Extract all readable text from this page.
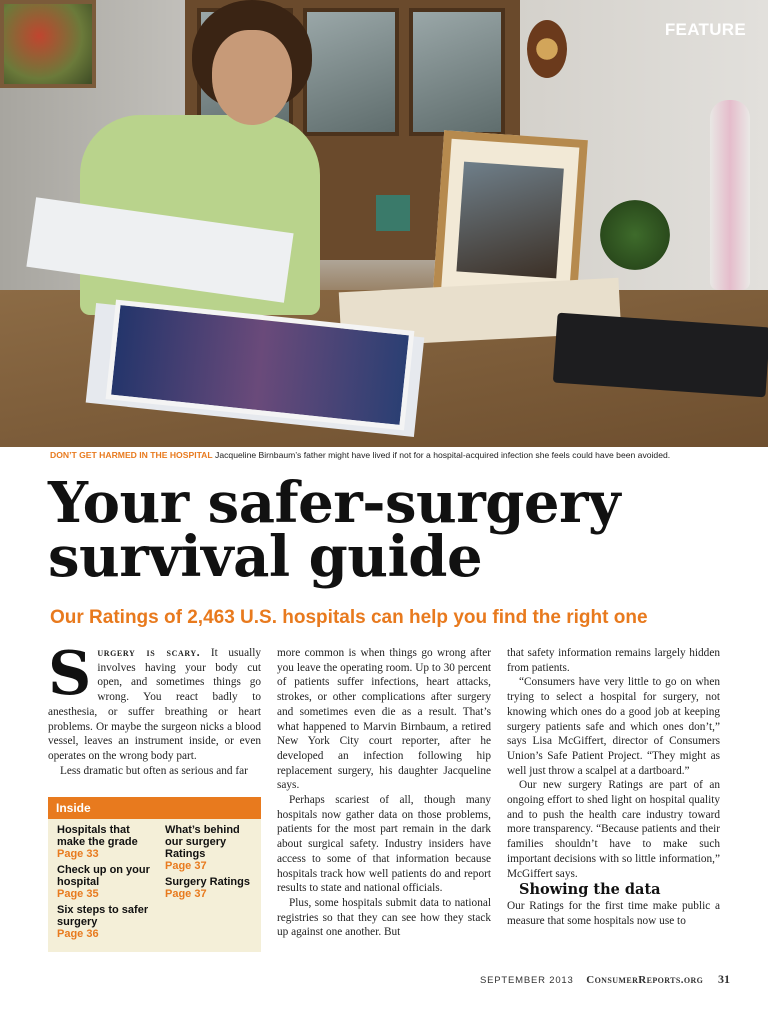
FEATURE
DON’T GET HARMED IN THE HOSPITAL Jacqueline Birnbaum’s father might have lived if not for a hospital-acquired infection she feels could have been avoided.
Your safer-surgery survival guide
Our Ratings of 2,463 U.S. hospitals can help you find the right one

Surgery is scary. It usually involves having your body cut open, and sometimes things go wrong. You react badly to anesthesia, or suffer breathing or heart problems. Or maybe the surgeon nicks a blood vessel, leaves an instrument inside, or even operates on the wrong body part.

Less dramatic but often as serious and far

Inside
Hospitals that make the grade
Page 33
Check up on your hospital
Page 35
Six steps to safer surgery
Page 36
What’s behind our surgery Ratings
Page 37
Surgery Ratings
Page 37

more common is when things go wrong after you leave the operating room. Up to 30 percent of patients suffer infections, heart attacks, strokes, or other complications after surgery and sometimes even die as a result. That’s what happened to Marvin Birnbaum, a retired New York City court reporter, after he developed an infection following hip replacement surgery, his daughter Jacqueline says.

Perhaps scariest of all, though many hospitals now gather data on those problems, patients for the most part remain in the dark about surgical safety. Industry insiders have access to some of that information because hospitals track how well patients do and report results to state and national officials.

Plus, some hospitals submit data to national registries so that they can see how they stack up against one another. But

that safety information remains largely hidden from patients.

“Consumers have very little to go on when trying to select a hospital for surgery, not knowing which ones do a good job at keeping surgery patients safe and which ones don’t,” says Lisa McGiffert, director of Consumers Union’s Safe Patient Project. “They might as well just throw a scalpel at a dartboard.”

Our new surgery Ratings are part of an ongoing effort to shed light on hospital quality and to push the health care industry toward more transparency. “Because patients and their families shouldn’t have to make such important decisions with so little information,” McGiffert says.

Showing the data

Our Ratings for the first time make public a measure that some hospitals now use to

SEPTEMBER 2013 ConsumerReports.org 31
